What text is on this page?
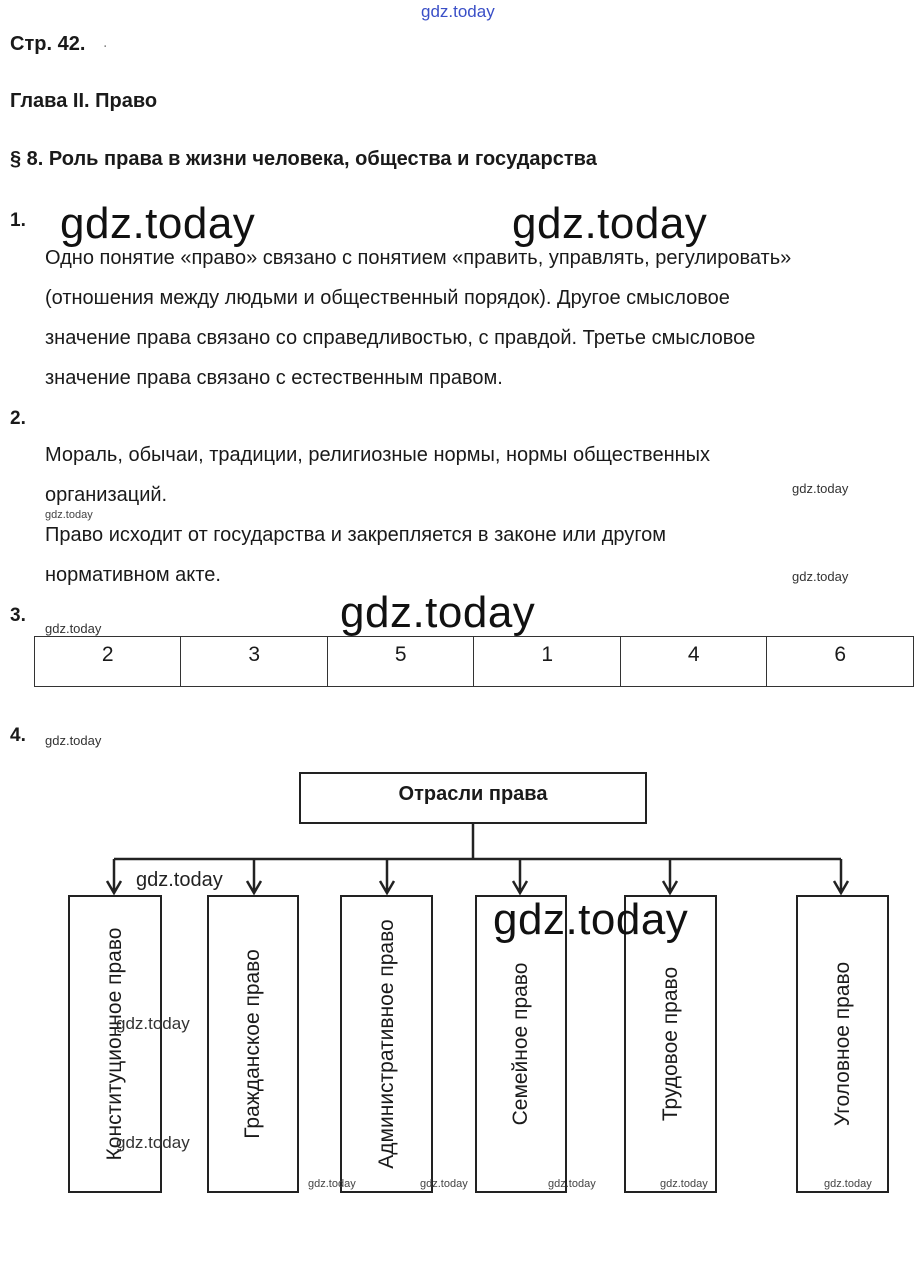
gdz.today
Стр. 42. .
Глава II. Право
§ 8. Роль права в жизни человека, общества и государства
1. gdz.today	gdz.today
Одно понятие «право» связано с понятием «править, управлять, регулировать»
(отношения между людьми и общественный порядок). Другое смысловое
значение права связано со справедливостью, с правдой. Третье смысловое
значение права связано с естественным правом.
2.
Мораль, обычаи, традиции, религиозные нормы, нормы общественных
организаций.	gdz.today
gdz.today
Право исходит от государства и закрепляется в законе или другом
нормативном акте.	gdz.today
3.	gdz.today
gdz.today
2	3	5	1	4	6
4. gdz.today
Отрасли права
Конституционное право	Гражданское право	Административное право	Семейное право	Трудовое право	Уголовное право
gdz.today
gdz.today
gdz.today
gdz.today
gdz.today	gdz.today	gdz.today	gdz.today	gdz.today
